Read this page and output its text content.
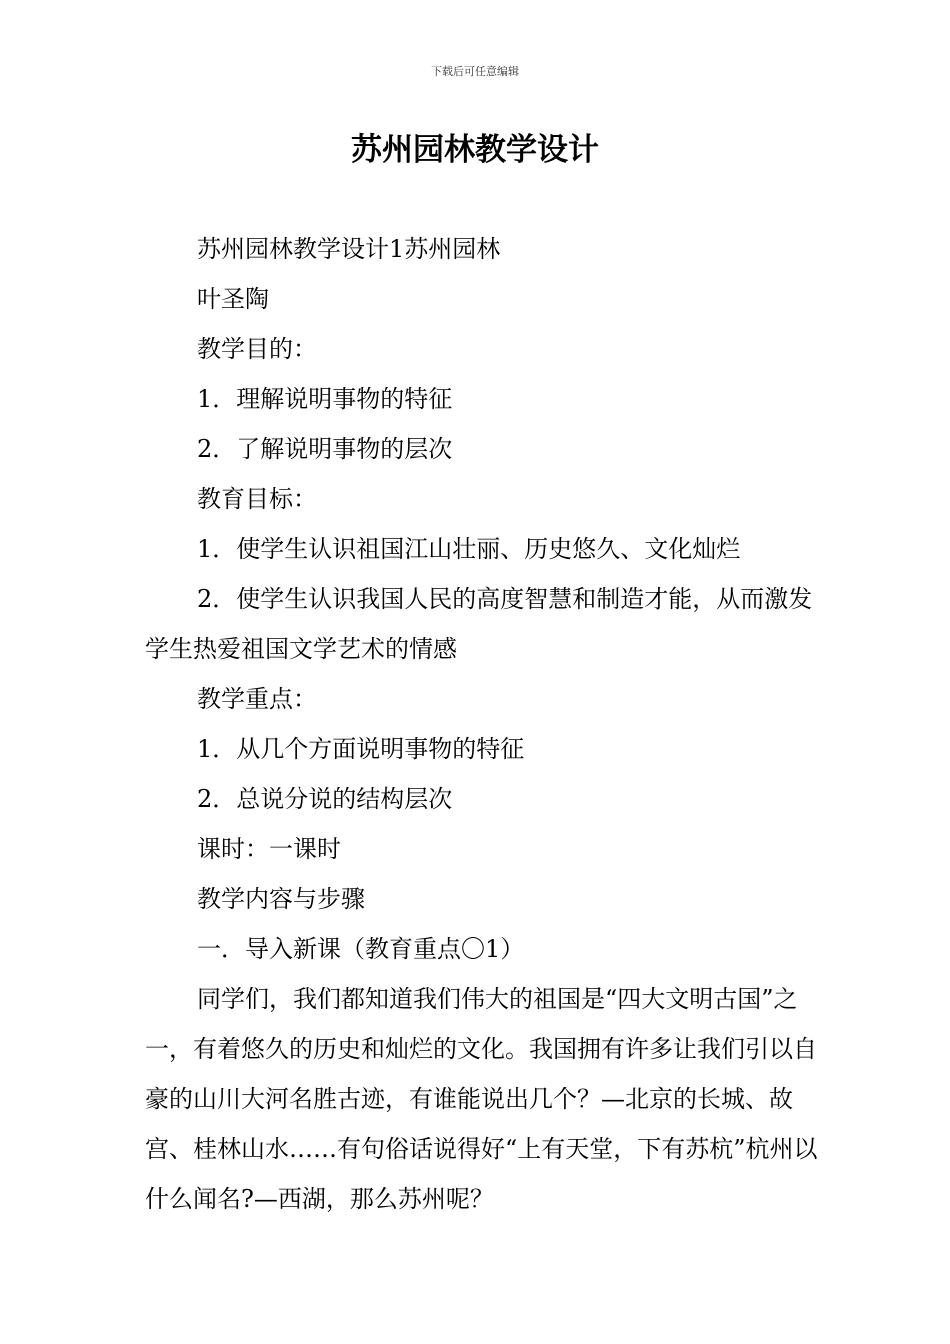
下载后可任意编辑
苏州园林教学设计

苏州园林教学设计1苏州园林

叶圣陶

教学目的：

1．理解说明事物的特征

2．了解说明事物的层次

教育目标：

1．使学生认识祖国江山壮丽、历史悠久、文化灿烂

2．使学生认识我国人民的高度智慧和制造才能，从而激发学生热爱祖国文学艺术的情感

教学重点：

1．从几个方面说明事物的特征

2．总说分说的结构层次

课时：一课时

教学内容与步骤

一．导入新课（教育重点〇1）

同学们，我们都知道我们伟大的祖国是“四大文明古国”之一，有着悠久的历史和灿烂的文化。我国拥有许多让我们引以自豪的山川大河名胜古迹，有谁能说出几个？—北京的长城、故宫、桂林山水……有句俗话说得好“上有天堂，下有苏杭”杭州以什么闻名?—西湖，那么苏州呢？
